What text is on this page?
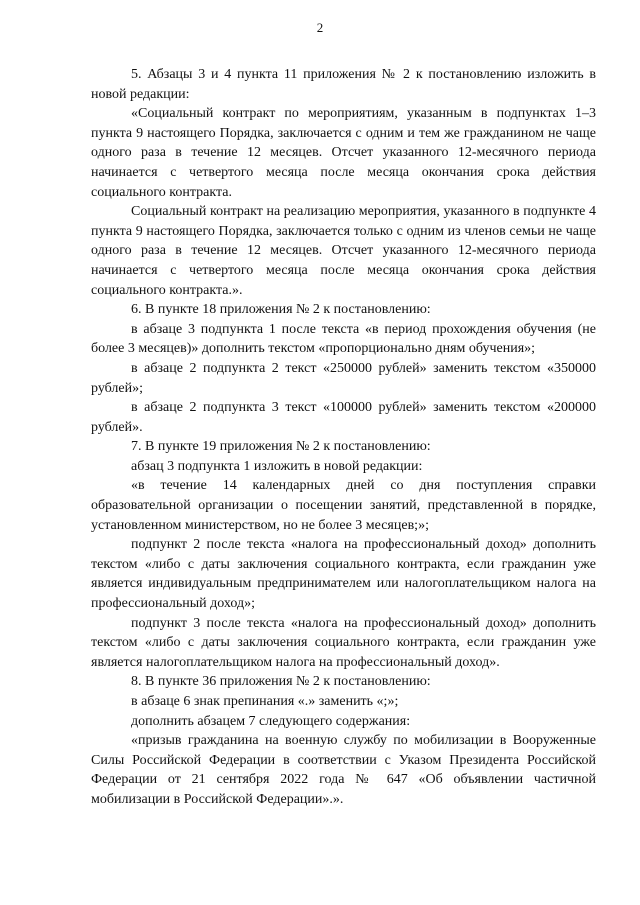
2

5. Абзацы 3 и 4 пункта 11 приложения № 2 к постановлению изложить в новой редакции:

«Социальный контракт по мероприятиям, указанным в подпунктах 1–3 пункта 9 настоящего Порядка, заключается с одним и тем же гражданином не чаще одного раза в течение 12 месяцев. Отсчет указанного 12-месячного периода начинается с четвертого месяца после месяца окончания срока действия социального контракта.

Социальный контракт на реализацию мероприятия, указанного в подпункте 4 пункта 9 настоящего Порядка, заключается только с одним из членов семьи не чаще одного раза в течение 12 месяцев. Отсчет указанного 12-месячного периода начинается с четвертого месяца после месяца окончания срока действия социального контракта.».

6. В пункте 18 приложения № 2 к постановлению:

в абзаце 3 подпункта 1 после текста «в период прохождения обучения (не более 3 месяцев)» дополнить текстом «пропорционально дням обучения»;

в абзаце 2 подпункта 2 текст «250000 рублей» заменить текстом «350000 рублей»;

в абзаце 2 подпункта 3 текст «100000 рублей» заменить текстом «200000 рублей».

7. В пункте 19 приложения № 2 к постановлению:

абзац 3 подпункта 1 изложить в новой редакции:

«в течение 14 календарных дней со дня поступления справки образовательной организации о посещении занятий, представленной в порядке, установленном министерством, но не более 3 месяцев;»;

подпункт 2 после текста «налога на профессиональный доход» дополнить текстом «либо с даты заключения социального контракта, если гражданин уже является индивидуальным предпринимателем или налогоплательщиком налога на профессиональный доход»;

подпункт 3 после текста «налога на профессиональный доход» дополнить текстом «либо с даты заключения социального контракта, если гражданин уже является налогоплательщиком налога на профессиональный доход».

8. В пункте 36 приложения № 2 к постановлению:

в абзаце 6 знак препинания «.» заменить «;»;

дополнить абзацем 7 следующего содержания:

«призыв гражданина на военную службу по мобилизации в Вооруженные Силы Российской Федерации в соответствии с Указом Президента Российской Федерации от 21 сентября 2022 года № 647 «Об объявлении частичной мобилизации в Российской Федерации».».
